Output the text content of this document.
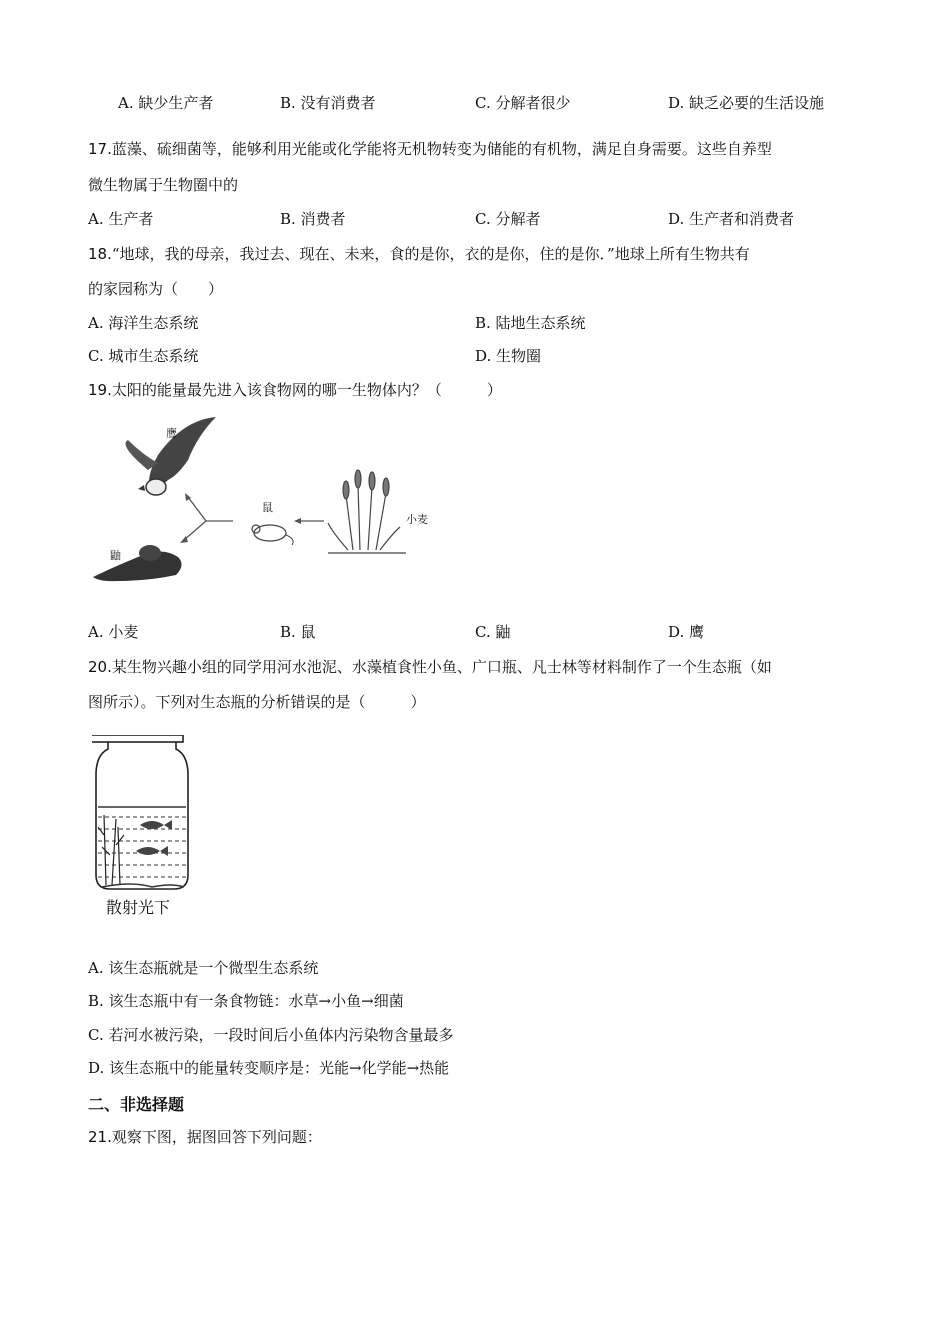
A. 缺少生产者	B. 没有消费者	C. 分解者很少	D. 缺乏必要的生活设施
17.蓝藻、硫细菌等，能够利用光能或化学能将无机物转变为储能的有机物，满足自身需要。这些自养型
微生物属于生物圈中的
A. 生产者	B. 消费者	C. 分解者	D. 生产者和消费者
18.“地球，我的母亲，我过去、现在、未来，食的是你，衣的是你，住的是你．”地球上所有生物共有
的家园称为（　　）
A. 海洋生态系统	B. 陆地生态系统
C. 城市生态系统	D. 生物圈
19.太阳的能量最先进入该食物网的哪一生物体内？（　　　）
鹰
鼬
鼠
小麦
A. 小麦	B. 鼠	C. 鼬	D. 鹰
20.某生物兴趣小组的同学用河水池泥、水藻植食性小鱼、广口瓶、凡士林等材料制作了一个生态瓶（如
图所示）。下列对生态瓶的分析错误的是（　　　）
散射光下
A. 该生态瓶就是一个微型生态系统
B. 该生态瓶中有一条食物链：水草→小鱼→细菌
C. 若河水被污染，一段时间后小鱼体内污染物含量最多
D. 该生态瓶中的能量转变顺序是：光能→化学能→热能
二、非选择题
21.观察下图，据图回答下列问题：
